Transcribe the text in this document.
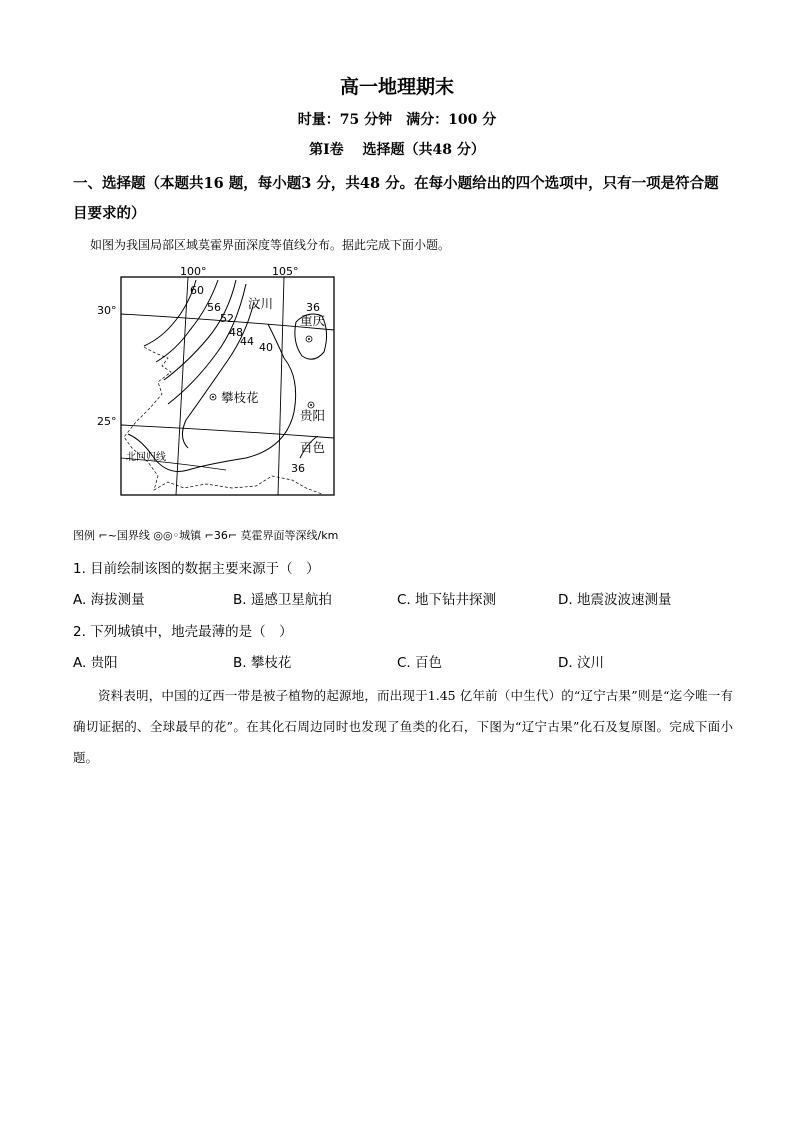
高一地理期末
时量：75 分钟　满分：100 分
第Ⅰ卷　 选择题（共48 分）
一、选择题（本题共16 题，每小题3 分，共48 分。在每小题给出的四个选项中，只有一项是符合题目要求的）
如图为我国局部区域莫霍界面深度等值线分布。据此完成下面小题。
100°	105°
30°
25°
60
56
52
48
44 40
36
36
汶川
重庆
攀枝花
贵阳
百色
北回归线
图例 ⌐~国界线 ◎◎◦城镇 ⌐36⌐ 莫霍界面等深线/km
1. 目前绘制该图的数据主要来源于（　）
A. 海拔测量	B. 遥感卫星航拍	C. 地下钻井探测	D. 地震波波速测量
2. 下列城镇中，地壳最薄的是（　）
A. 贵阳	B. 攀枝花	C. 百色	D. 汶川
资料表明，中国的辽西一带是被子植物的起源地，而出现于1.45 亿年前（中生代）的“辽宁古果”则是“迄今唯一有确切证据的、全球最早的花”。在其化石周边同时也发现了鱼类的化石，下图为“辽宁古果”化石及复原图。完成下面小题。
